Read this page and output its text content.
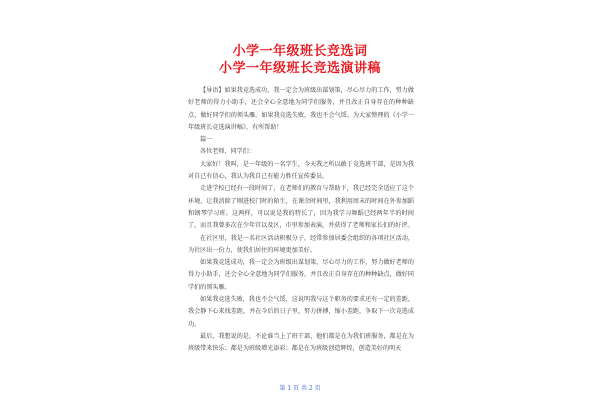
小学一年级班长竞选词
小学一年级班长竞选演讲稿

【导语】如果我竞选成功，我一定会为班级出谋划策，尽心尽力的工作，努力做好老师的得力小助手，还会全心全意地为同学们服务，并且改正自身存在的种种缺点，做好同学们的领头雁。如果我竞选失败，我也不会气馁。为大家整理的《小学一年级班长竞选演讲稿》，有所帮助！

篇一

各位老师，同学们：

大家好！我叫，是一年级的一名学生，今天我之所以敢于竞选班干部，是因为我对自己有信心，我认为我自己有能力胜任宣传委员。

走进学校已经有一段时间了，在老师们的教育与帮助下，我已经完全适应了这个环境，让我消除了刚进校门时的陌生，在课余时间里，我利用周末的时间在外参加蹈和钢琴学习班。这两样，可以说是我的特长了，因为我学习舞蹈已经两年半的时间了，而且我曾多次在少年宫以及区，市里参加表演，并获得了老师和家长们的好评。

在社区里，我是一名社区活动积极分子，经常参加居委会组织的各项社区活动，为社区出一份力，使我们居住的环境更加美好。

如果我竞选成功，我一定会为班级出谋划策，尽心尽力的工作，努力做好老师的得力小助手，还会全心全意地为同学们服务，并且改正自身存在的种种缺点，做好同学们的领头雁。

如果我竞选失败，我也不会气馁，这说明我与这个职务的要求还有一定的差距，我会静下心来找差距，并在今后的日子里，努力拼搏，缩小差距，争取下一次竞选成功。

最后，我想说的是，不论谁当上了班干部，他们都是在为我们班服务，都是在为班级带来快乐；都是为班级增光添彩；都是在为班级创造辉煌，创造美好的明天

第 1 页 共 2 页
